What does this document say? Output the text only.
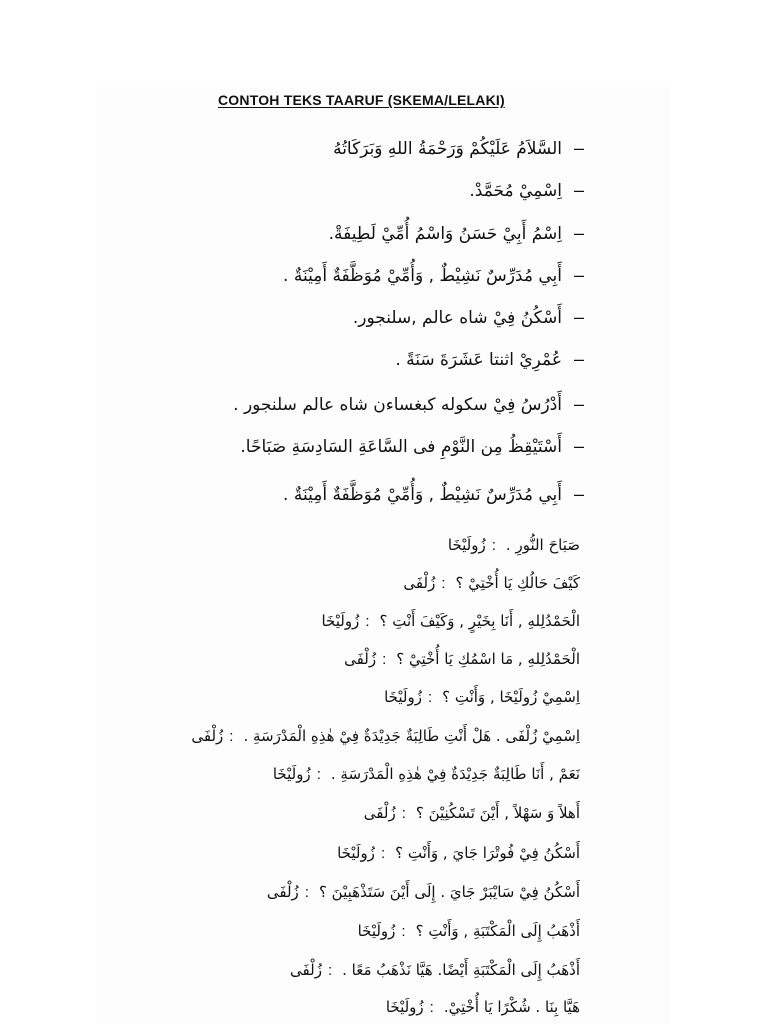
CONTOH TEKS TAARUF (SKEMA/LELAKI)
السَّلاَمُ عَلَيْكُمْ وَرَحْمَةُ اللهِ وَبَرَكَاتُهُ –
اِسْمِيْ مُحَمَّدْ. –
اِسْمُ أَبِيْ حَسَنُ وَاسْمُ أُمِّيْ لَطِيفَةْ. –
أَبِي مُدَرِّسٌ نَشِيْطٌ , وَأُمِّيْ مُوَظَّفَةٌ أَمِيْنَةٌ . –
أَسْكُنُ فِيْ شاه عالم ,سلنجور. –
عُمْرِيْ اثنتا عَشَرَةَ سَنَةً . –
أَدْرُسُ فِيْ سكوله كبغساءن شاه عالم سلنجور . –
أَسْتَيْقِظُ مِن النَّوْمِ فى السَّاعَةِ السَادِسَةِ صَبَاحًا. –
أَبِي مُدَرِّسٌ نَشِيْطٌ , وَأُمِّيْ مُوَظَّفَةٌ أَمِيْنَةٌ . –
زُولَيْخَا : صَبَاحَ النُّورِ .
زُلْفَى : كَيْفَ حَالُكِ يَا أُخْتِيْ ؟
زُولَيْخَا : الْحَمْدُلِلهِ , أَنَا بِخَيْرٍ , وَكَيْفَ أَنْتِ ؟
زُلْفَى : الْحَمْدُلِلهِ , مَا اسْمُكِ يَا أُخْتِيْ ؟
زُولَيْخَا : اِسْمِيْ زُولَيْخَا , وَأَنْتِ ؟
زُلْفَى : اِسْمِيْ زُلْفَى . هَلْ أَنْتِ طَالِبَةٌ جَدِيْدَةٌ فِيْ هٰذِهِ الْمَدْرَسَةِ .
زُولَيْخَا : نَعَمْ , أَنَا طَالِبَةٌ جَدِيْدَةٌ فِيْ هٰذِهِ الْمَدْرَسَةِ .
زُلْفَى : أَهلاً وَ سَهْلاً , أَيْنَ تَسْكُنِيْنَ ؟
زُولَيْخَا : أَسْكُنُ فِيْ فُوتْرَا جَايَ , وَأَنْتِ ؟
زُلْفَى : أَسْكُنُ فِيْ سَايْبَرْ جَايَ . إِلَى أَيْنَ سَتَذْهَبِيْنَ ؟
زُولَيْخَا : أَذْهَبُ إِلَى الْمَكْتَبَةِ , وَأَنْتِ ؟
زُلْفَى : أَذْهَبُ إِلَى الْمَكْتَبَةِ أَيْضًا. هَيَّا نَذْهَبُ مَعًا .
زُولَيْخَا : هَيَّا بِنَا . شُكْرًا يَا أُخْتِيْ.
